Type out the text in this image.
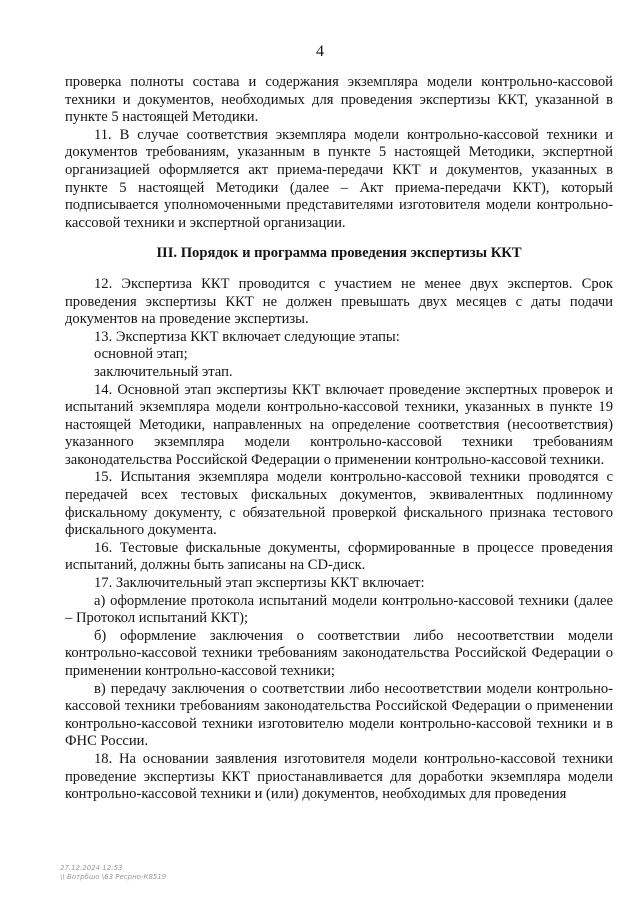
4

проверка полноты состава и содержания экземпляра модели контрольно-кассовой техники и документов, необходимых для проведения экспертизы ККТ, указанной в пункте 5 настоящей Методики.

11. В случае соответствия экземпляра модели контрольно-кассовой техники и документов требованиям, указанным в пункте 5 настоящей Методики, экспертной организацией оформляется акт приема-передачи ККТ и документов, указанных в пункте 5 настоящей Методики (далее – Акт приема-передачи ККТ), который подписывается уполномоченными представителями изготовителя модели контрольно-кассовой техники и экспертной организации.

III. Порядок и программа проведения экспертизы ККТ

12. Экспертиза ККТ проводится с участием не менее двух экспертов. Срок проведения экспертизы ККТ не должен превышать двух месяцев с даты подачи документов на проведение экспертизы.

13. Экспертиза ККТ включает следующие этапы:

основной этап;

заключительный этап.

14. Основной этап экспертизы ККТ включает проведение экспертных проверок и испытаний экземпляра модели контрольно-кассовой техники, указанных в пункте 19 настоящей Методики, направленных на определение соответствия (несоответствия) указанного экземпляра модели контрольно-кассовой техники требованиям законодательства Российской Федерации о применении контрольно-кассовой техники.

15. Испытания экземпляра модели контрольно-кассовой техники проводятся с передачей всех тестовых фискальных документов, эквивалентных подлинному фискальному документу, с обязательной проверкой фискального признака тестового фискального документа.

16. Тестовые фискальные документы, сформированные в процессе проведения испытаний, должны быть записаны на CD-диск.

17. Заключительный этап экспертизы ККТ включает:

а) оформление протокола испытаний модели контрольно-кассовой техники (далее – Протокол испытаний ККТ);

б) оформление заключения о соответствии либо несоответствии модели контрольно-кассовой техники требованиям законодательства Российской Федерации о применении контрольно-кассовой техники;

в) передачу заключения о соответствии либо несоответствии модели контрольно-кассовой техники требованиям законодательства Российской Федерации о применении контрольно-кассовой техники изготовителю модели контрольно-кассовой техники и в ФНС России.

18. На основании заявления изготовителя модели контрольно-кассовой техники проведение экспертизы ККТ приостанавливается для доработки экземпляра модели контрольно-кассовой техники и (или) документов, необходимых для проведения

27.12.2024 12:53
\\ Ботрбшо \63 Ресрно-К8519
